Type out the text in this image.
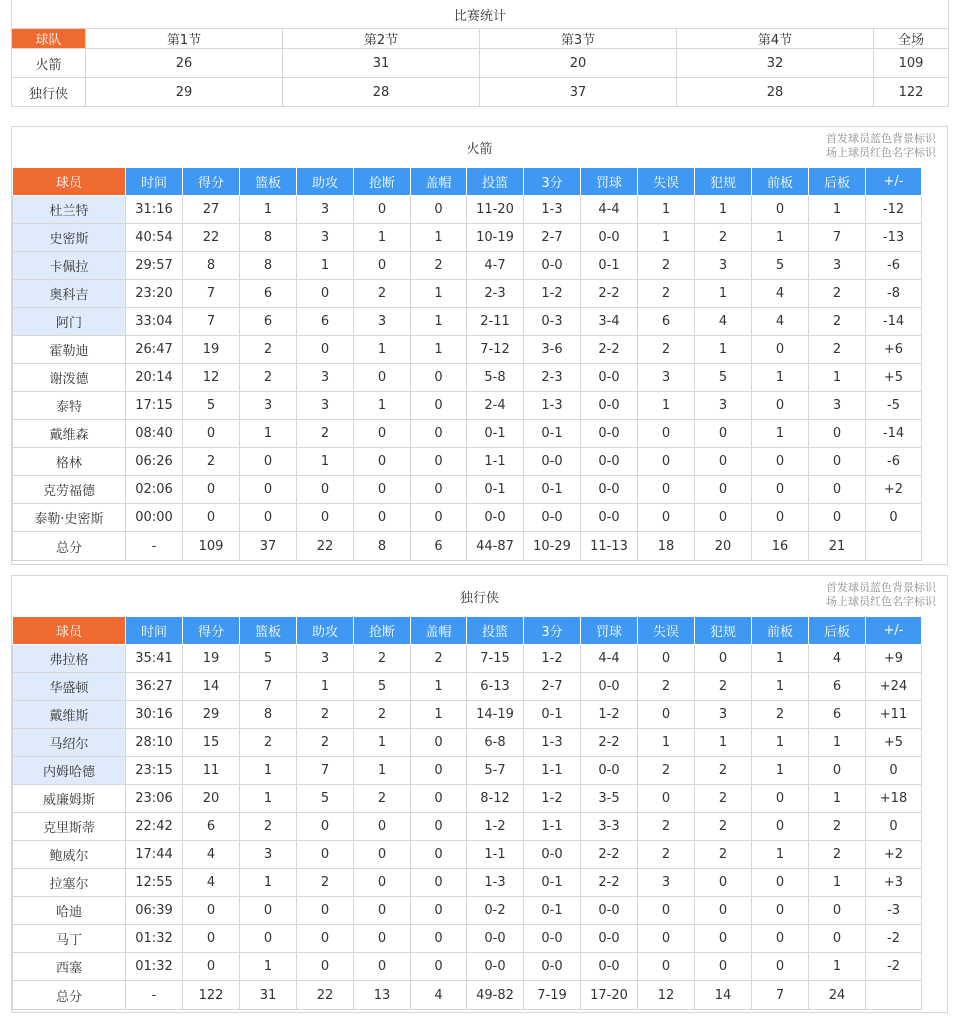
比赛统计					
球队	第1节	第2节	第3节	第4节	全场
火箭	26	31	20	32	109
独行侠	29	28	37	28	122
火箭
首发球员蓝色背景标识
场上球员红色名字标识
球员	时间	得分	篮板	助攻	抢断	盖帽	投篮	3分	罚球	失误	犯规	前板	后板	+/-
杜兰特	31:16	27	1	3	0	0	11-20	1-3	4-4	1	1	0	1	-12
史密斯	40:54	22	8	3	1	1	10-19	2-7	0-0	1	2	1	7	-13
卡佩拉	29:57	8	8	1	0	2	4-7	0-0	0-1	2	3	5	3	-6
奥科吉	23:20	7	6	0	2	1	2-3	1-2	2-2	2	1	4	2	-8
阿门	33:04	7	6	6	3	1	2-11	0-3	3-4	6	4	4	2	-14
霍勒迪	26:47	19	2	0	1	1	7-12	3-6	2-2	2	1	0	2	+6
谢泼德	20:14	12	2	3	0	0	5-8	2-3	0-0	3	5	1	1	+5
泰特	17:15	5	3	3	1	0	2-4	1-3	0-0	1	3	0	3	-5
戴维森	08:40	0	1	2	0	0	0-1	0-1	0-0	0	0	1	0	-14
格林	06:26	2	0	1	0	0	1-1	0-0	0-0	0	0	0	0	-6
克劳福德	02:06	0	0	0	0	0	0-1	0-1	0-0	0	0	0	0	+2
泰勒·史密斯	00:00	0	0	0	0	0	0-0	0-0	0-0	0	0	0	0	0
总分	-	109	37	22	8	6	44-87	10-29	11-13	18	20	16	21	
独行侠
首发球员蓝色背景标识
场上球员红色名字标识
球员	时间	得分	篮板	助攻	抢断	盖帽	投篮	3分	罚球	失误	犯规	前板	后板	+/-
弗拉格	35:41	19	5	3	2	2	7-15	1-2	4-4	0	0	1	4	+9
华盛顿	36:27	14	7	1	5	1	6-13	2-7	0-0	2	2	1	6	+24
戴维斯	30:16	29	8	2	2	1	14-19	0-1	1-2	0	3	2	6	+11
马绍尔	28:10	15	2	2	1	0	6-8	1-3	2-2	1	1	1	1	+5
内姆哈德	23:15	11	1	7	1	0	5-7	1-1	0-0	2	2	1	0	0
威廉姆斯	23:06	20	1	5	2	0	8-12	1-2	3-5	0	2	0	1	+18
克里斯蒂	22:42	6	2	0	0	0	1-2	1-1	3-3	2	2	0	2	0
鲍威尔	17:44	4	3	0	0	0	1-1	0-0	2-2	2	2	1	2	+2
拉塞尔	12:55	4	1	2	0	0	1-3	0-1	2-2	3	0	0	1	+3
哈迪	06:39	0	0	0	0	0	0-2	0-1	0-0	0	0	0	0	-3
马丁	01:32	0	0	0	0	0	0-0	0-0	0-0	0	0	0	0	-2
西塞	01:32	0	1	0	0	0	0-0	0-0	0-0	0	0	0	1	-2
总分	-	122	31	22	13	4	49-82	7-19	17-20	12	14	7	24	
